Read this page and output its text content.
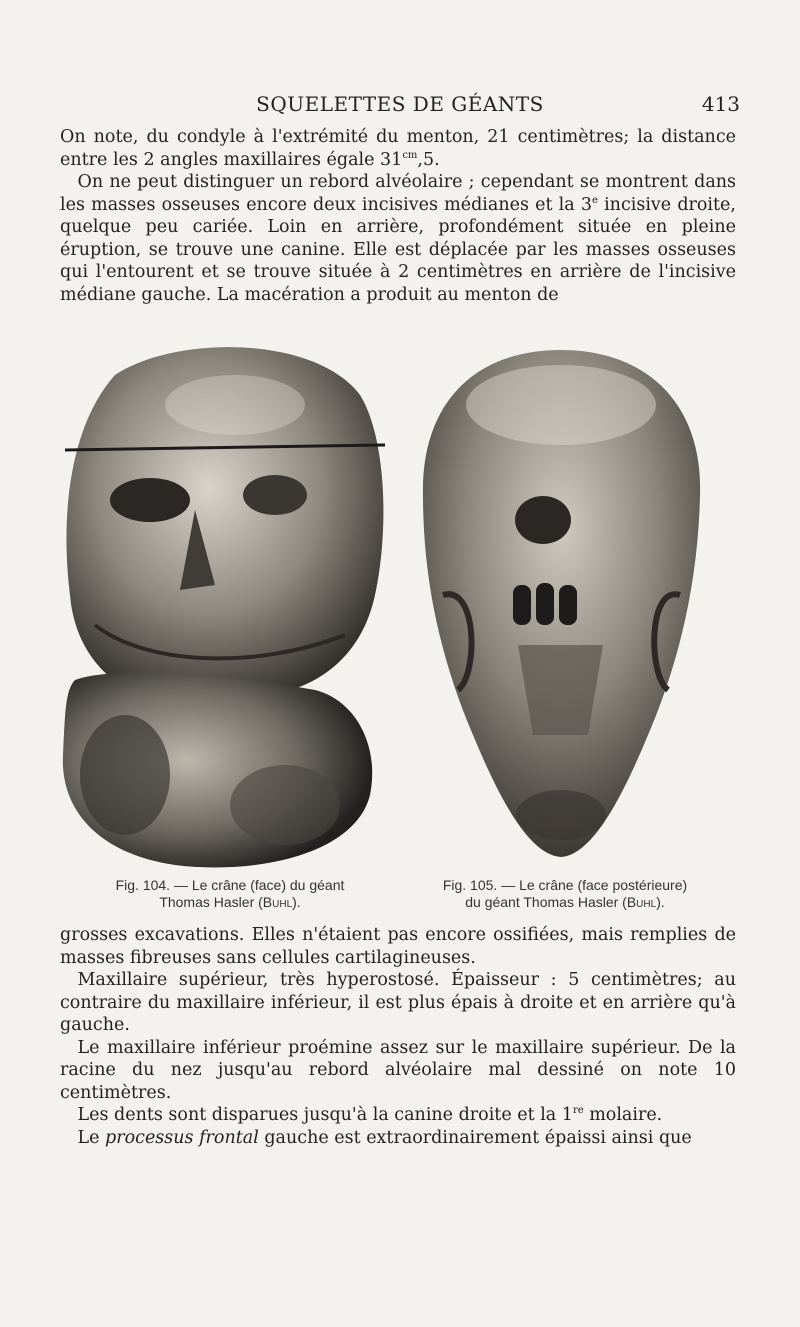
SQUELETTES DE GÉANTS	413

On note, du condyle à l'extrémité du menton, 21 centimètres; la distance entre les 2 angles maxillaires égale $31^{cm},5$.

 On ne peut distinguer un rebord alvéolaire ; cependant se montrent dans les masses osseuses encore deux incisives médianes et la 3e incisive droite, quelque peu cariée. Loin en arrière, profondément située en pleine éruption, se trouve une canine. Elle est déplacée par les masses osseuses qui l'entourent et se trouve située à 2 centimètres en arrière de l'incisive médiane gauche. La macération a produit au menton de

Fig. 104. — Le crâne (face) du géant
Thomas Hasler (Buhl).
Fig. 105. — Le crâne (face postérieure)
du géant Thomas Hasler (Buhl).

grosses excavations. Elles n'étaient pas encore ossifiées, mais remplies de masses fibreuses sans cellules cartilagineuses.

 Maxillaire supérieur, très hyperostosé. Épaisseur : 5 centimètres; au contraire du maxillaire inférieur, il est plus épais à droite et en arrière qu'à gauche.

 Le maxillaire inférieur proémine assez sur le maxillaire supérieur. De la racine du nez jusqu'au rebord alvéolaire mal dessiné on note 10 centimètres.

 Les dents sont disparues jusqu'à la canine droite et la 1re molaire.

 Le processus frontal gauche est extraordinairement épaissi ainsi que
